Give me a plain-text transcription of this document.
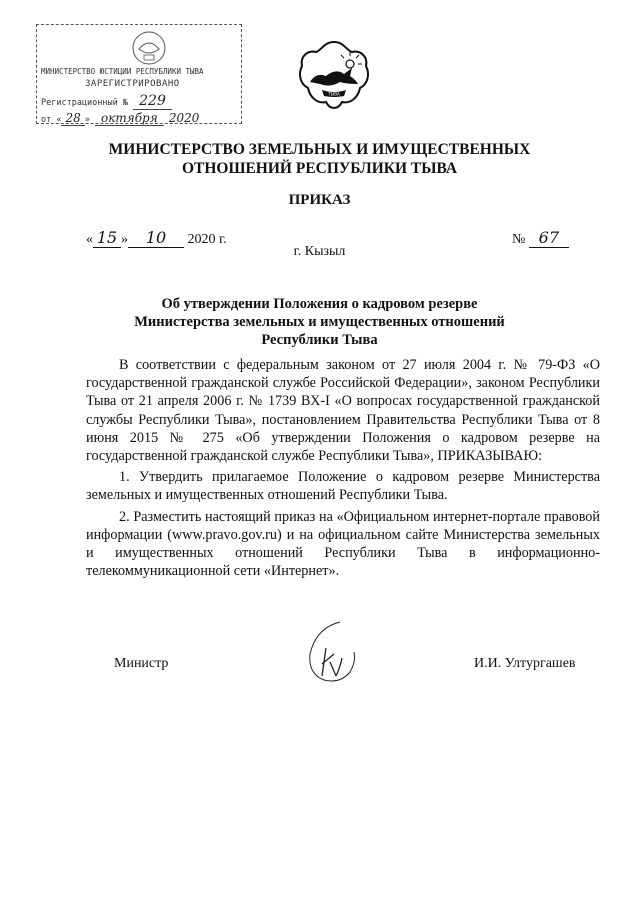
МИНИСТЕРСТВО ЮСТИЦИИ РЕСПУБЛИКИ ТЫВА
ЗАРЕГИСТРИРОВАНО
Регистрационный № 229
от « 28 » октября 2020
ТЫВА
МИНИСТЕРСТВО ЗЕМЕЛЬНЫХ И ИМУЩЕСТВЕННЫХ
ОТНОШЕНИЙ РЕСПУБЛИКИ ТЫВА
ПРИКАЗ
« 15 » 10 2020 г.	№ 67
г. Кызыл
Об утверждении Положения о кадровом резерве
Министерства земельных и имущественных отношений
Республики Тыва

В соответствии с федеральным законом от 27 июля 2004 г. № 79-ФЗ «О государственной гражданской службе Российской Федерации», законом Республики Тыва от 21 апреля 2006 г. № 1739 ВХ-I «О вопросах государственной гражданской службы Республики Тыва», постановлением Правительства Республики Тыва от 8 июня 2015 № 275 «Об утверждении Положения о кадровом резерве на государственной гражданской службе Республики Тыва», ПРИКАЗЫВАЮ:

1. Утвердить прилагаемое Положение о кадровом резерве Министерства земельных и имущественных отношений Республики Тыва.

2. Разместить настоящий приказ на «Официальном интернет-портале правовой информации (www.pravo.gov.ru) и на официальном сайте Министерства земельных и имущественных отношений Республики Тыва в информационно-телекоммуникационной сети «Интернет».

Министр	И.И. Ултургашев
